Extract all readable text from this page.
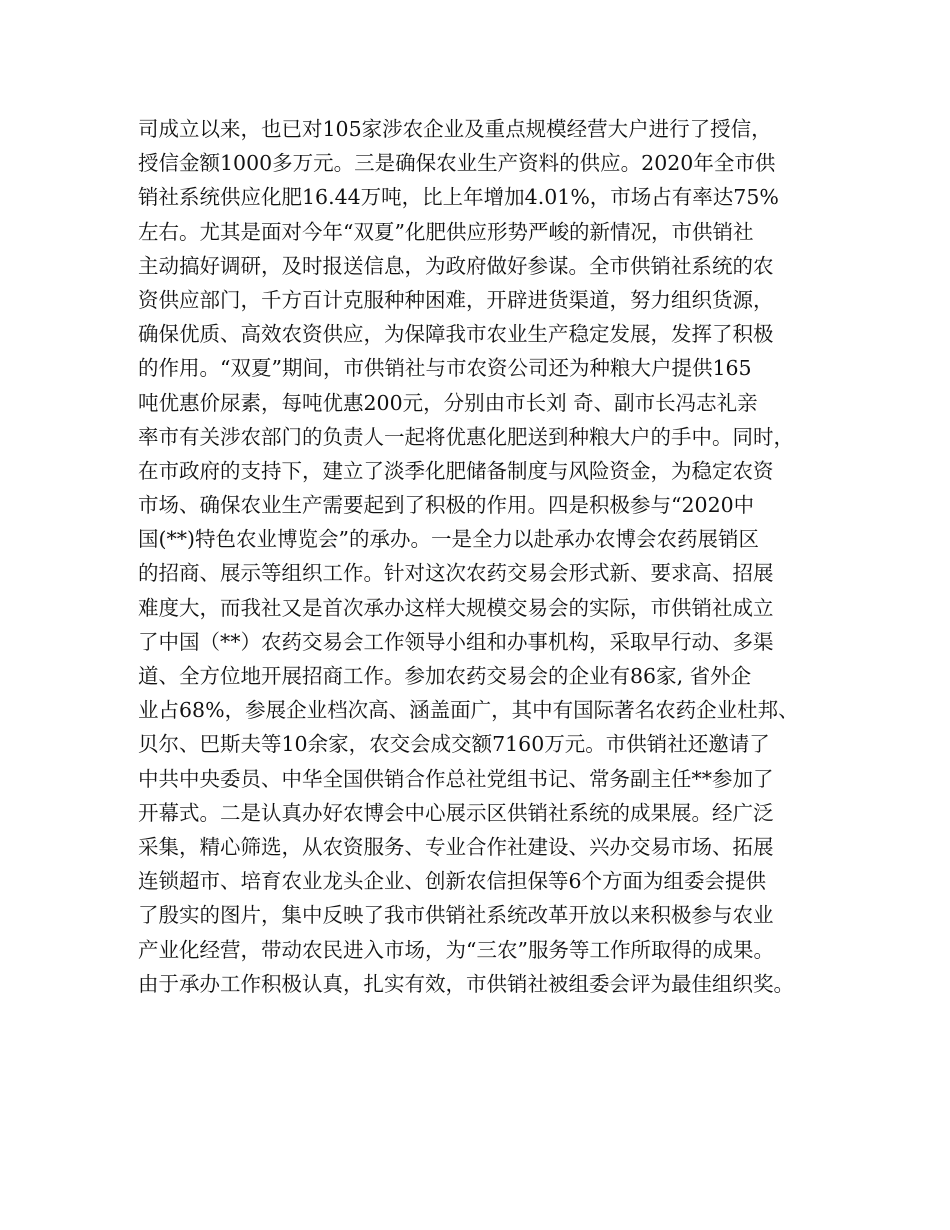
司成立以来，也已对105家涉农企业及重点规模经营大户进行了授信，
授信金额1000多万元。三是确保农业生产资料的供应。2020年全市供
销社系统供应化肥16.44万吨，比上年增加4.01%，市场占有率达75%
左右。尤其是面对今年“双夏”化肥供应形势严峻的新情况，市供销社
主动搞好调研，及时报送信息，为政府做好参谋。全市供销社系统的农
资供应部门，千方百计克服种种困难，开辟进货渠道，努力组织货源，
确保优质、高效农资供应，为保障我市农业生产稳定发展，发挥了积极
的作用。“双夏”期间，市供销社与市农资公司还为种粮大户提供165
吨优惠价尿素，每吨优惠200元，分别由市长刘 奇、副市长冯志礼亲
率市有关涉农部门的负责人一起将优惠化肥送到种粮大户的手中。同时，
在市政府的支持下，建立了淡季化肥储备制度与风险资金，为稳定农资
市场、确保农业生产需要起到了积极的作用。四是积极参与“2020中
国(**)特色农业博览会”的承办。一是全力以赴承办农博会农药展销区
的招商、展示等组织工作。针对这次农药交易会形式新、要求高、招展
难度大，而我社又是首次承办这样大规模交易会的实际，市供销社成立
了中国（**）农药交易会工作领导小组和办事机构，采取早行动、多渠
道、全方位地开展招商工作。参加农药交易会的企业有86家, 省外企
业占68%，参展企业档次高、涵盖面广，其中有国际著名农药企业杜邦、
贝尔、巴斯夫等10余家，农交会成交额7160万元。市供销社还邀请了
中共中央委员、中华全国供销合作总社党组书记、常务副主任**参加了
开幕式。二是认真办好农博会中心展示区供销社系统的成果展。经广泛
采集，精心筛选，从农资服务、专业合作社建设、兴办交易市场、拓展
连锁超市、培育农业龙头企业、创新农信担保等6个方面为组委会提供
了殷实的图片，集中反映了我市供销社系统改革开放以来积极参与农业
产业化经营，带动农民进入市场，为“三农”服务等工作所取得的成果。
由于承办工作积极认真，扎实有效，市供销社被组委会评为最佳组织奖。
